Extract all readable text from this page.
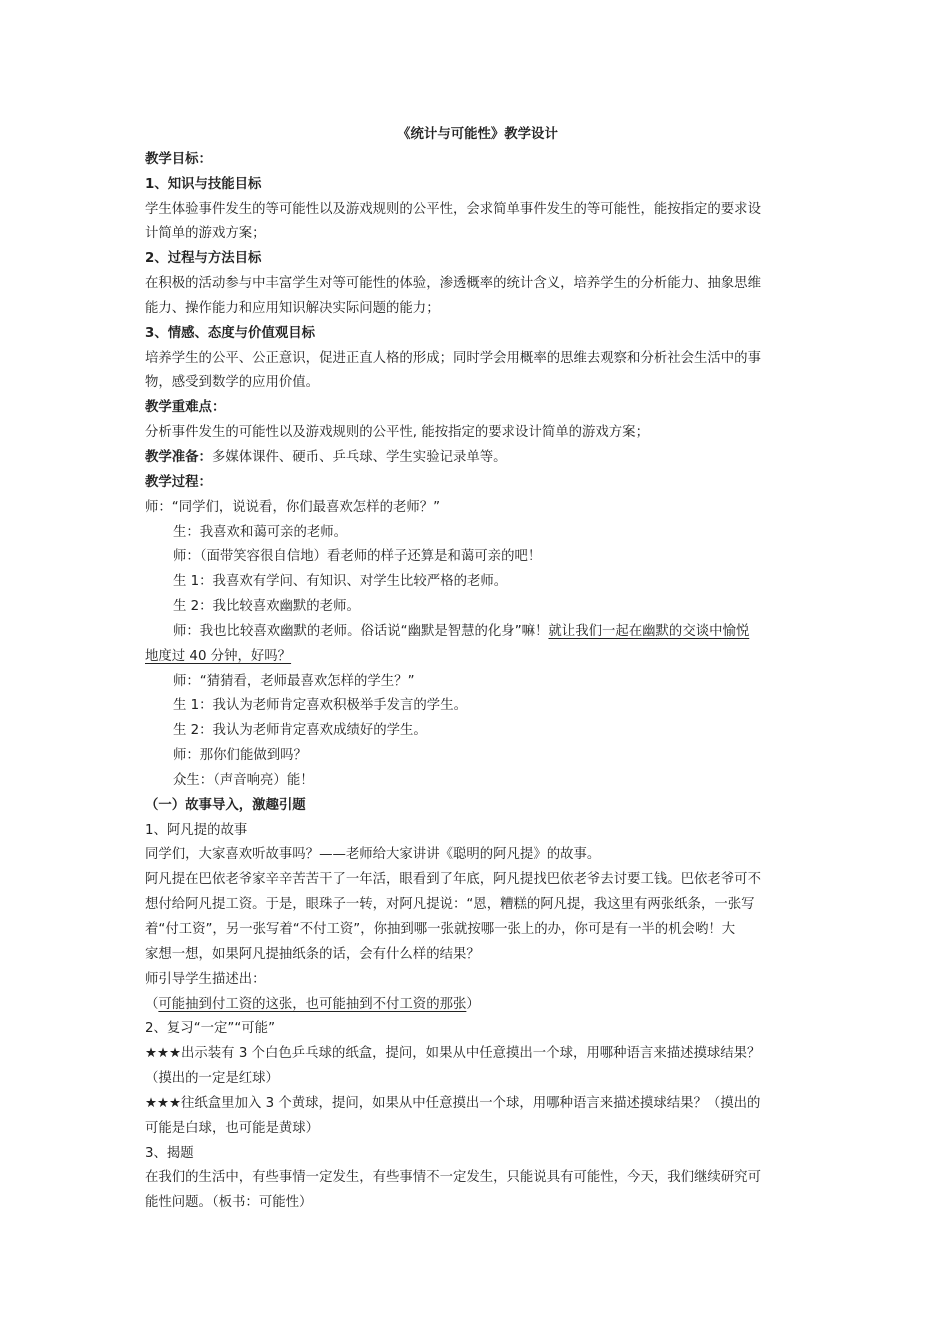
《统计与可能性》教学设计
教学目标：
1、知识与技能目标
学生体验事件发生的等可能性以及游戏规则的公平性，会求简单事件发生的等可能性，能按指定的要求设
计简单的游戏方案；
2、过程与方法目标
在积极的活动参与中丰富学生对等可能性的体验，渗透概率的统计含义，培养学生的分析能力、抽象思维
能力、操作能力和应用知识解决实际问题的能力；
3、情感、态度与价值观目标
培养学生的公平、公正意识，促进正直人格的形成；同时学会用概率的思维去观察和分析社会生活中的事
物，感受到数学的应用价值。
教学重难点：
分析事件发生的可能性以及游戏规则的公平性, 能按指定的要求设计简单的游戏方案；
教学准备：多媒体课件、硬币、乒乓球、学生实验记录单等。
教学过程：
师：“同学们，说说看，你们最喜欢怎样的老师？”
生：我喜欢和蔼可亲的老师。
师：（面带笑容很自信地）看老师的样子还算是和蔼可亲的吧！
生 1：我喜欢有学问、有知识、对学生比较严格的老师。
生 2：我比较喜欢幽默的老师。
师：我也比较喜欢幽默的老师。俗话说“幽默是智慧的化身”嘛！就让我们一起在幽默的交谈中愉悦
地度过 40 分钟，好吗？
师：“猜猜看，老师最喜欢怎样的学生？”
生 1：我认为老师肯定喜欢积极举手发言的学生。
生 2：我认为老师肯定喜欢成绩好的学生。
师：那你们能做到吗？
众生：（声音响亮）能！
（一）故事导入，激趣引题
1、阿凡提的故事
同学们，大家喜欢听故事吗？——老师给大家讲讲《聪明的阿凡提》的故事。
阿凡提在巴依老爷家辛辛苦苦干了一年活，眼看到了年底，阿凡提找巴依老爷去讨要工钱。巴依老爷可不
想付给阿凡提工资。于是，眼珠子一转，对阿凡提说：“恩，糟糕的阿凡提，我这里有两张纸条，一张写
着“付工资”，另一张写着“不付工资”，你抽到哪一张就按哪一张上的办，你可是有一半的机会哟！大
家想一想，如果阿凡提抽纸条的话，会有什么样的结果？
师引导学生描述出：
（可能抽到付工资的这张，也可能抽到不付工资的那张）
2、复习“一定”“可能”
★★★出示装有 3 个白色乒乓球的纸盒，提问，如果从中任意摸出一个球，用哪种语言来描述摸球结果？
（摸出的一定是红球）
★★★往纸盒里加入 3 个黄球，提问，如果从中任意摸出一个球，用哪种语言来描述摸球结果？（摸出的
可能是白球，也可能是黄球）
3、揭题
在我们的生活中，有些事情一定发生，有些事情不一定发生，只能说具有可能性，今天，我们继续研究可
能性问题。（板书：可能性）
